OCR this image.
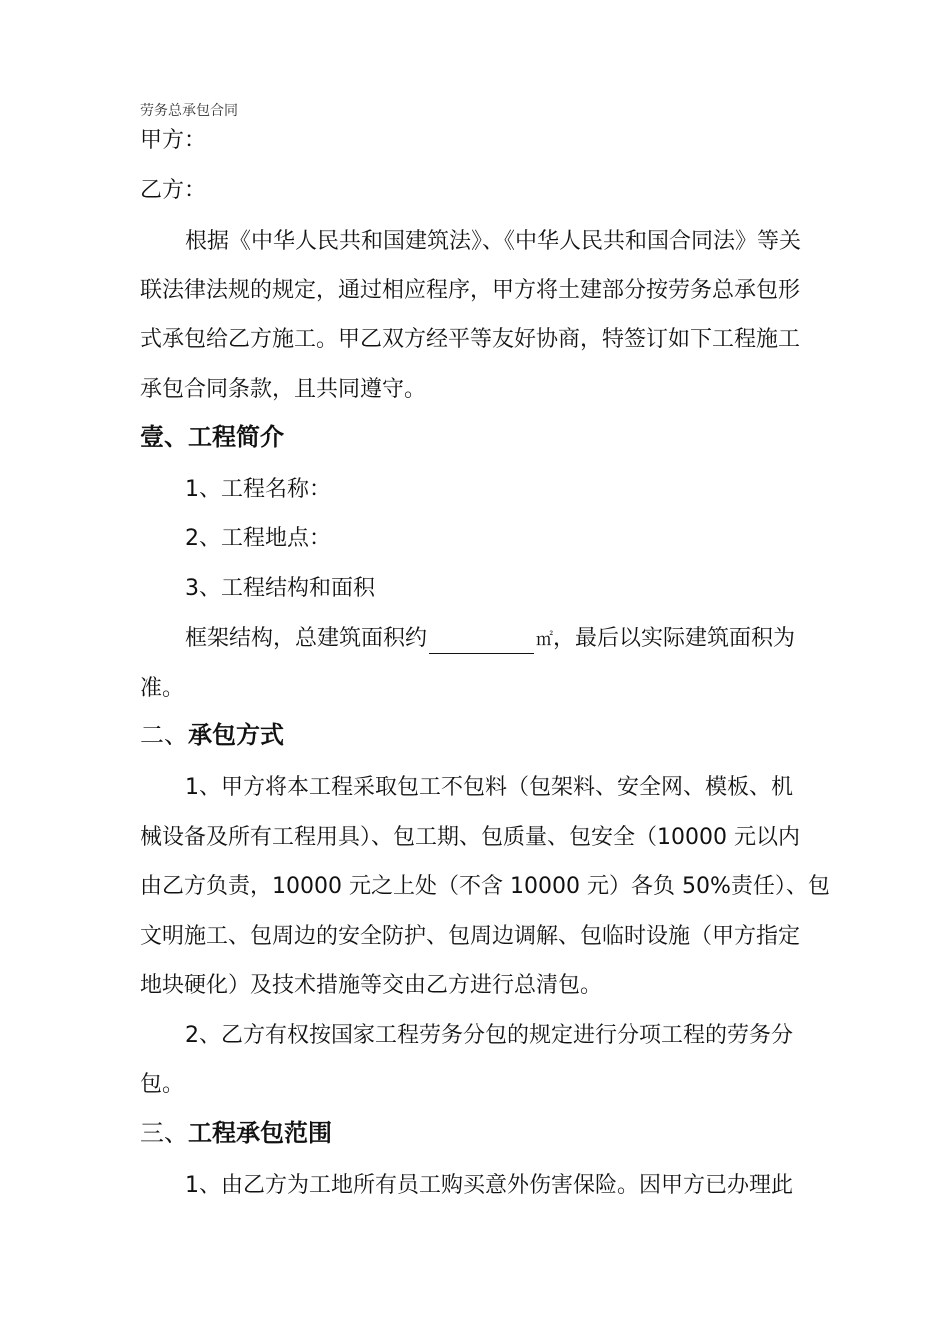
劳务总承包合同
甲方：
乙方：
根据《中华人民共和国建筑法》、《中华人民共和国合同法》等关
联法律法规的规定，通过相应程序，甲方将土建部分按劳务总承包形
式承包给乙方施工。甲乙双方经平等友好协商，特签订如下工程施工
承包合同条款，且共同遵守。
壹、工程简介
1、工程名称：
2、工程地点：
3、工程结构和面积
框架结构，总建筑面积约	㎡，最后以实际建筑面积为
准。
二、承包方式
1、甲方将本工程采取包工不包料（包架料、安全网、模板、机
械设备及所有工程用具）、包工期、包质量、包安全（10000 元以内
由乙方负责，10000 元之上处（不含 10000 元）各负 50%责任）、包
文明施工、包周边的安全防护、包周边调解、包临时设施（甲方指定
地块硬化）及技术措施等交由乙方进行总清包。
2、乙方有权按国家工程劳务分包的规定进行分项工程的劳务分
包。
三、工程承包范围
1、由乙方为工地所有员工购买意外伤害保险。因甲方已办理此
